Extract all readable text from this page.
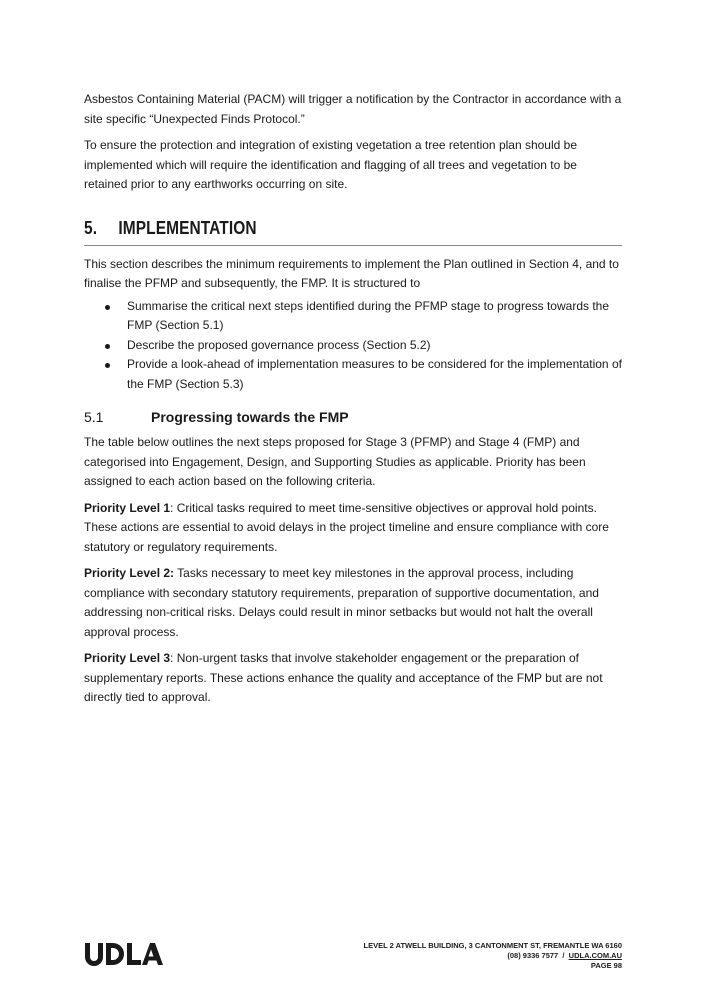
Asbestos Containing Material (PACM) will trigger a notification by the Contractor in accordance with a site specific “Unexpected Finds Protocol.”

To ensure the protection and integration of existing vegetation a tree retention plan should be implemented which will require the identification and flagging of all trees and vegetation to be retained prior to any earthworks occurring on site.

5.	IMPLEMENTATION

This section describes the minimum requirements to implement the Plan outlined in Section 4, and to finalise the PFMP and subsequently, the FMP. It is structured to

Summarise the critical next steps identified during the PFMP stage to progress towards the FMP (Section 5.1)
Describe the proposed governance process (Section 5.2)
Provide a look-ahead of implementation measures to be considered for the implementation of the FMP (Section 5.3)
5.1	Progressing towards the FMP

The table below outlines the next steps proposed for Stage 3 (PFMP) and Stage 4 (FMP) and categorised into Engagement, Design, and Supporting Studies as applicable. Priority has been assigned to each action based on the following criteria.

Priority Level 1: Critical tasks required to meet time-sensitive objectives or approval hold points. These actions are essential to avoid delays in the project timeline and ensure compliance with core statutory or regulatory requirements.

Priority Level 2: Tasks necessary to meet key milestones in the approval process, including compliance with secondary statutory requirements, preparation of supportive documentation, and addressing non-critical risks. Delays could result in minor setbacks but would not halt the overall approval process.

Priority Level 3: Non-urgent tasks that involve stakeholder engagement or the preparation of supplementary reports. These actions enhance the quality and acceptance of the FMP but are not directly tied to approval.

LEVEL 2 ATWELL BUILDING, 3 CANTONMENT ST, FREMANTLE WA 6160
(08) 9336 7577 / UDLA.COM.AU
PAGE 98
